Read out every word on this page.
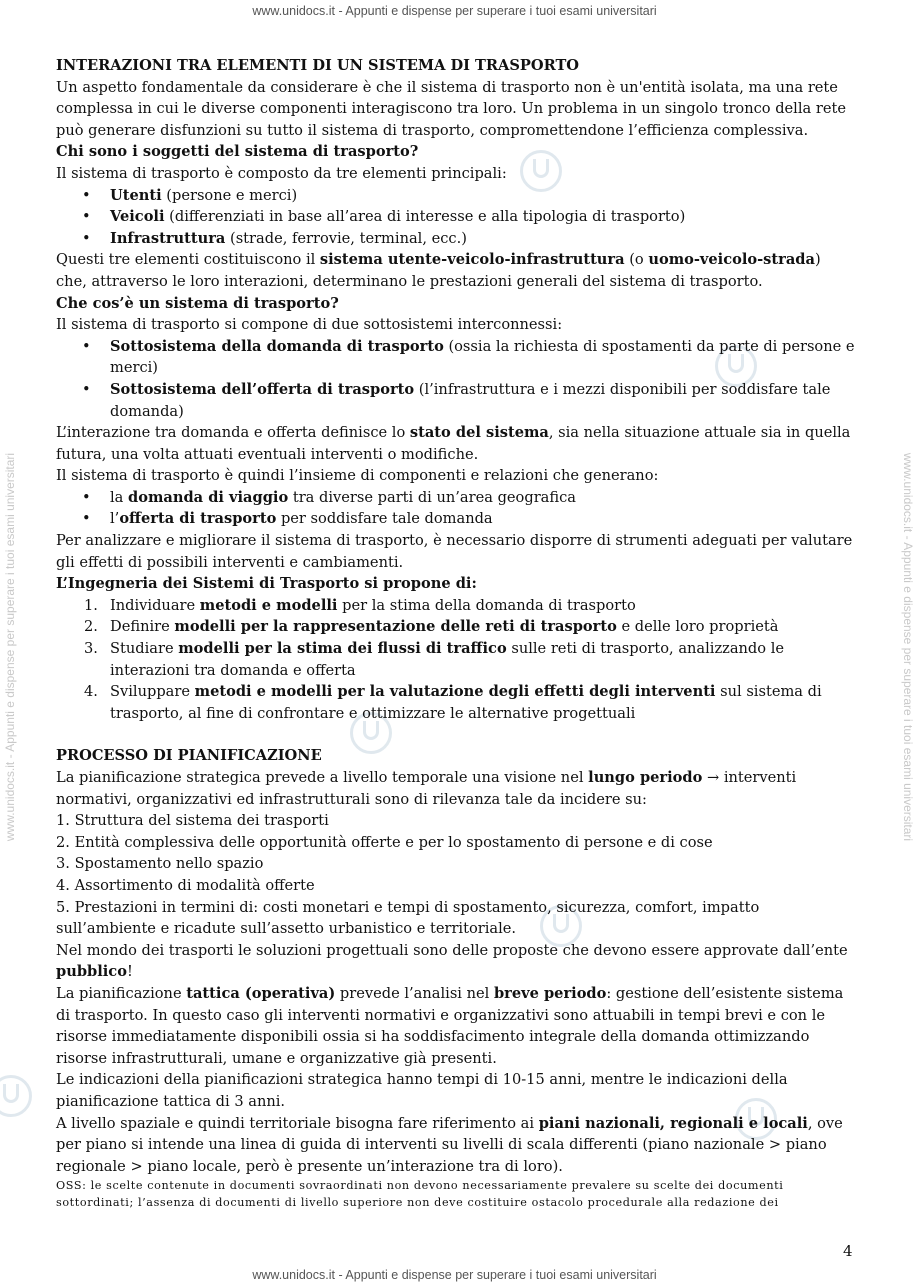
www.unidocs.it - Appunti e dispense per superare i tuoi esami universitari
www.unidocs.it - Appunti e dispense per superare i tuoi esami universitari	www.unidocs.it - Appunti e dispense per superare i tuoi esami universitari

INTERAZIONI TRA ELEMENTI DI UN SISTEMA DI TRASPORTO

Un aspetto fondamentale da considerare è che il sistema di trasporto non è un'entità isolata, ma una rete complessa in cui le diverse componenti interagiscono tra loro. Un problema in un singolo tronco della rete può generare disfunzioni su tutto il sistema di trasporto, compromettendone l’efficienza complessiva.

Chi sono i soggetti del sistema di trasporto?

Il sistema di trasporto è composto da tre elementi principali:

• Utenti (persone e merci)
• Veicoli (differenziati in base all’area di interesse e alla tipologia di trasporto)
• Infrastruttura (strade, ferrovie, terminal, ecc.)

Questi tre elementi costituiscono il sistema utente-veicolo-infrastruttura (o uomo-veicolo-strada) che, attraverso le loro interazioni, determinano le prestazioni generali del sistema di trasporto.

Che cos’è un sistema di trasporto?

Il sistema di trasporto si compone di due sottosistemi interconnessi:

• Sottosistema della domanda di trasporto (ossia la richiesta di spostamenti da parte di persone e merci)
• Sottosistema dell’offerta di trasporto (l’infrastruttura e i mezzi disponibili per soddisfare tale domanda)

L’interazione tra domanda e offerta definisce lo stato del sistema, sia nella situazione attuale sia in quella futura, una volta attuati eventuali interventi o modifiche.

Il sistema di trasporto è quindi l’insieme di componenti e relazioni che generano:

• la domanda di viaggio tra diverse parti di un’area geografica
• l’offerta di trasporto per soddisfare tale domanda

Per analizzare e migliorare il sistema di trasporto, è necessario disporre di strumenti adeguati per valutare gli effetti di possibili interventi e cambiamenti.

L’Ingegneria dei Sistemi di Trasporto si propone di:

1. Individuare metodi e modelli per la stima della domanda di trasporto
2. Definire modelli per la rappresentazione delle reti di trasporto e delle loro proprietà
3. Studiare modelli per la stima dei flussi di traffico sulle reti di trasporto, analizzando le interazioni tra domanda e offerta
4. Sviluppare metodi e modelli per la valutazione degli effetti degli interventi sul sistema di trasporto, al fine di confrontare e ottimizzare le alternative progettuali

PROCESSO DI PIANIFICAZIONE

La pianificazione strategica prevede a livello temporale una visione nel lungo periodo → interventi normativi, organizzativi ed infrastrutturali sono di rilevanza tale da incidere su:

1. Struttura del sistema dei trasporti

2. Entità complessiva delle opportunità offerte e per lo spostamento di persone e di cose

3. Spostamento nello spazio

4. Assortimento di modalità offerte

5. Prestazioni in termini di: costi monetari e tempi di spostamento, sicurezza, comfort, impatto sull’ambiente e ricadute sull’assetto urbanistico e territoriale.

Nel mondo dei trasporti le soluzioni progettuali sono delle proposte che devono essere approvate dall’ente pubblico!

La pianificazione tattica (operativa) prevede l’analisi nel breve periodo: gestione dell’esistente sistema di trasporto. In questo caso gli interventi normativi e organizzativi sono attuabili in tempi brevi e con le risorse immediatamente disponibili ossia si ha soddisfacimento integrale della domanda ottimizzando risorse infrastrutturali, umane e organizzative già presenti.

Le indicazioni della pianificazioni strategica hanno tempi di 10-15 anni, mentre le indicazioni della pianificazione tattica di 3 anni.

A livello spaziale e quindi territoriale bisogna fare riferimento ai piani nazionali, regionali e locali, ove per piano si intende una linea di guida di interventi su livelli di scala differenti (piano nazionale > piano regionale > piano locale, però è presente un’interazione tra di loro).

OSS: le scelte contenute in documenti sovraordinati non devono necessariamente prevalere su scelte dei documenti sottordinati; l’assenza di documenti di livello superiore non deve costituire ostacolo procedurale alla redazione dei

4
www.unidocs.it - Appunti e dispense per superare i tuoi esami universitari
